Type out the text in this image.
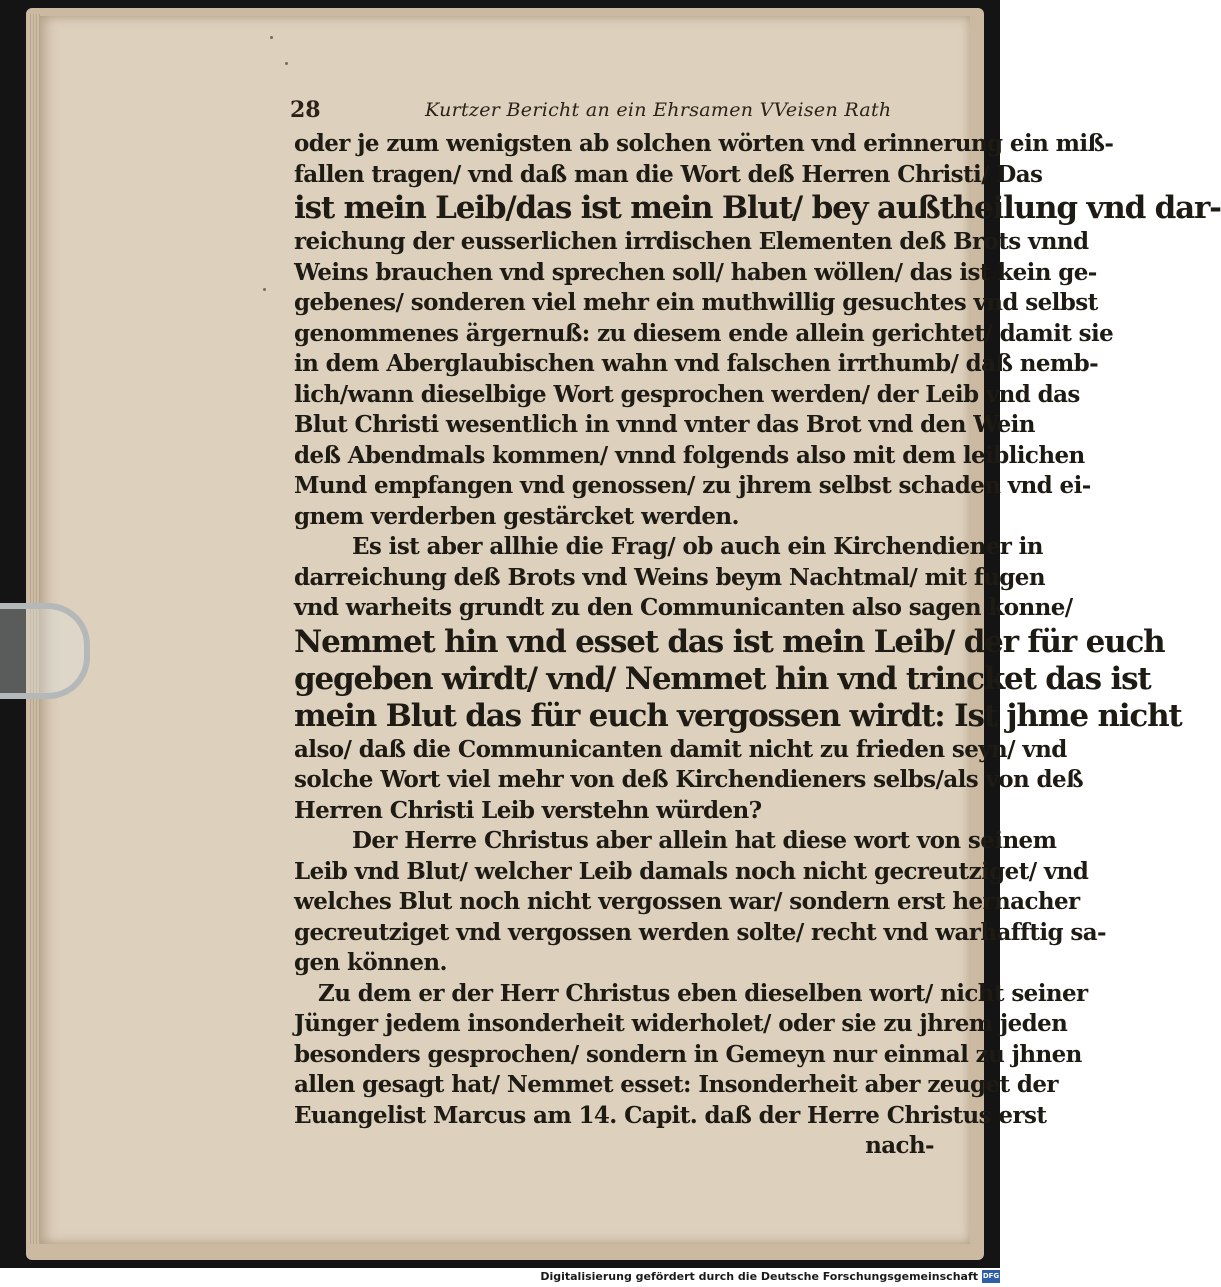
28	Kurtzer Bericht an ein Ehrsamen VVeisen Rath
oder je zum wenigsten ab solchen wörten vnd erinnerung ein miß-
fallen tragen/ vnd daß man die Wort deß Herren Christi/ Das
ist mein Leib/das ist mein Blut/ bey außtheilung vnd dar-
reichung der eusserlichen irrdischen Elementen deß Brots vnnd
Weins brauchen vnd sprechen soll/ haben wöllen/ das ist kein ge-
gebenes/ sonderen viel mehr ein muthwillig gesuchtes vnd selbst
genommenes ärgernuß: zu diesem ende allein gerichtet/ damit sie
in dem Aberglaubischen wahn vnd falschen irrthumb/ daß nemb-
lich/wann dieselbige Wort gesprochen werden/ der Leib vnd das
Blut Christi wesentlich in vnnd vnter das Brot vnd den Wein
deß Abendmals kommen/ vnnd folgends also mit dem leiblichen
Mund empfangen vnd genossen/ zu jhrem selbst schaden vnd ei-
gnem verderben gestärcket werden.
Es ist aber allhie die Frag/ ob auch ein Kirchendiener in
darreichung deß Brots vnd Weins beym Nachtmal/ mit fugen
vnd warheits grundt zu den Communicanten also sagen konne/
Nemmet hin vnd esset das ist mein Leib/ der für euch
gegeben wirdt/ vnd/ Nemmet hin vnd trincket das ist
mein Blut das für euch vergossen wirdt: Ist jhme nicht
also/ daß die Communicanten damit nicht zu frieden seyn/ vnd
solche Wort viel mehr von deß Kirchendieners selbs/als von deß
Herren Christi Leib verstehn würden?
Der Herre Christus aber allein hat diese wort von seinem
Leib vnd Blut/ welcher Leib damals noch nicht gecreutziget/ vnd
welches Blut noch nicht vergossen war/ sondern erst hernacher
gecreutziget vnd vergossen werden solte/ recht vnd warhafftig sa-
gen können.
Zu dem er der Herr Christus eben dieselben wort/ nicht seiner
Jünger jedem insonderheit widerholet/ oder sie zu jhrem jeden
besonders gesprochen/ sondern in Gemeyn nur einmal zu jhnen
allen gesagt hat/ Nemmet esset: Insonderheit aber zeuget der
Euangelist Marcus am 14. Capit. daß der Herre Christus erst
nach-
Digitalisierung gefördert durch die Deutsche Forschungsgemeinschaft DFG
